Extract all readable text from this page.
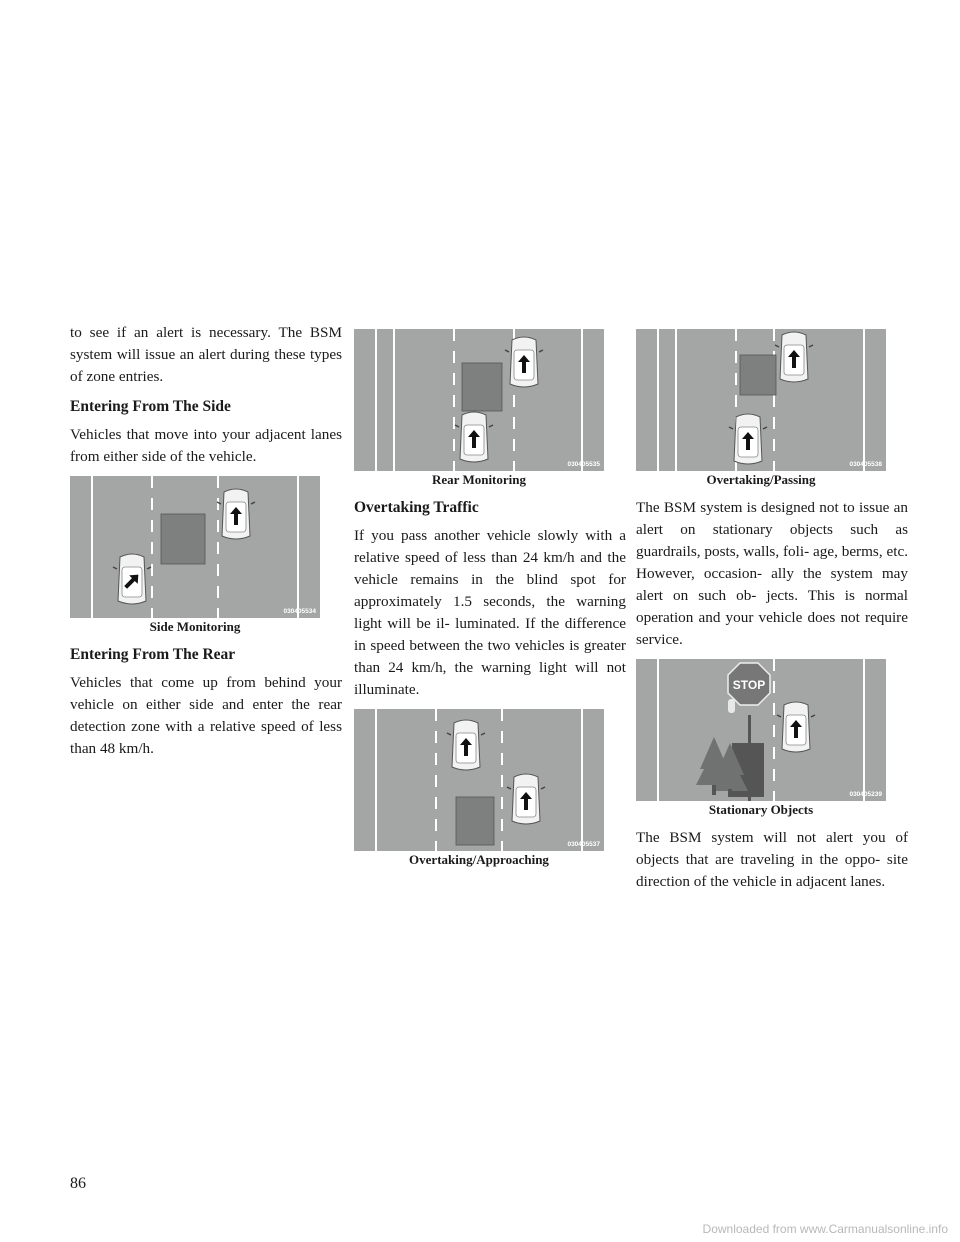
to see if an alert is necessary. The BSM system will issue an alert during these types of zone entries.

Entering From The Side

Vehicles that move into your adjacent lanes from either side of the vehicle.

030405534
Side Monitoring
Entering From The Rear

Vehicles that come up from behind your vehicle on either side and enter the rear detection zone with a relative speed of less than 48 km/h.

030405535
Rear Monitoring
Overtaking Traffic

If you pass another vehicle slowly with a relative speed of less than 24 km/h and the vehicle remains in the blind spot for approximately 1.5 seconds, the warning light will be il- luminated. If the difference in speed between the two vehicles is greater than 24 km/h, the warning light will not illuminate.

030405537
Overtaking/Approaching
030405538
Overtaking/Passing

The BSM system is designed not to issue an alert on stationary objects such as guardrails, posts, walls, foli- age, berms, etc. However, occasion- ally the system may alert on such ob- jects. This is normal operation and your vehicle does not require service.

STOP
030405239
Stationary Objects

The BSM system will not alert you of objects that are traveling in the oppo- site direction of the vehicle in adjacent lanes.

86
Downloaded from www.Carmanualsonline.info
